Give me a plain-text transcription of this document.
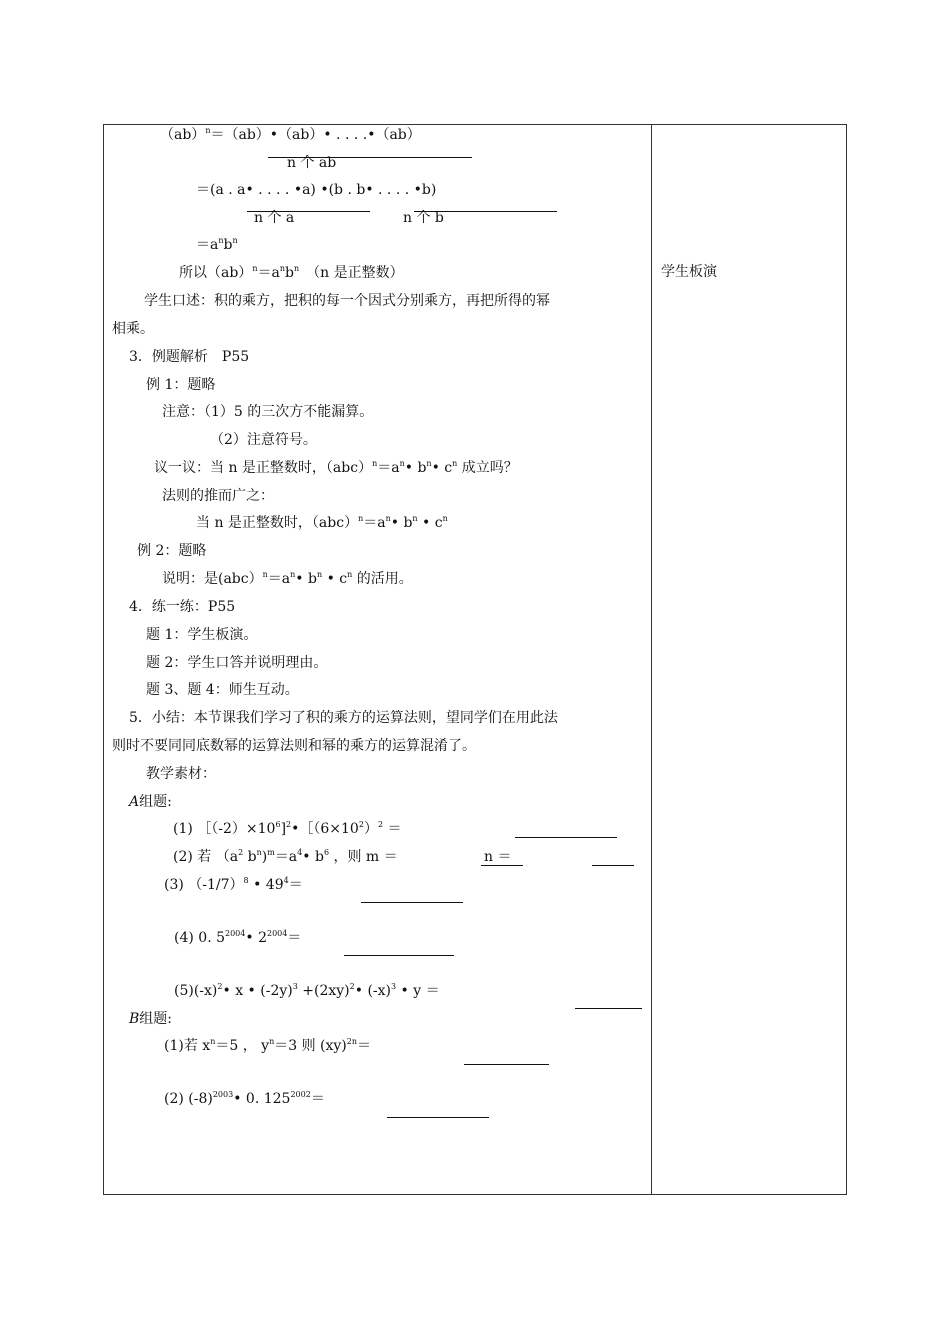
（ab）$^n$＝（ab）•（ab）• . . . .•（ab）
n 个 ab
＝(a . a• . . . . •a) •(b . b• . . . . •b)
n 个 a	n 个 b
$=a^nb^n$
所以$(ab)^n=a^nb^n$　 （n 是正整数）
学生口述：积的乘方，把积的每一个因式分别乘方，再把所得的幂
相乘。
3．例题解析　P55
例 1：题略
注意：（1）5 的三次方不能漏算。
（2）注意符号。
议一议：当 n 是正整数时，$(abc)^n=a^n•$ $b^n•$ $c^n$ 成立吗？
法则的推而广之：
当 n 是正整数时，$(abc)^n=a^n•$ $b^n$ • $c^n$
例 2：题略
说明：是$(abc)^n=a^n•$ $b^n$ • $c^n$ 的活用。
4．练一练：P55
题 1：学生板演。
题 2：学生口答并说明理由。
题 3、题 4：师生互动。
5．小结：本节课我们学习了积的乘方的运算法则，望同学们在用此法
则时不要同同底数幂的运算法则和幂的乘方的运算混淆了。
教学素材：
A组题:
(1) $[(-2)\times 10^6]^2•[(6\times 10^2)^2$ ＝
(2) 若 （$a^2$ $b^n)^m=a^4•$ $b^6$ ，则 m ＝	n ＝
(3) $(-1/7)^8$ • $49^4=$
(4) 0. $5^{2004}•$ $2^{2004}=$
$(5)(-x)^2•$ x • $(-2y)^3$ $+(2xy)^2•$ $(-x)^3$ • y ＝
B组题:
(1)若 $x^n=5$ ， $y^n=3$ 则 (xy)$^{2n}$＝
(2) $(-8)^{2003}•$ 0. $125^{2002}=$
学生板演
